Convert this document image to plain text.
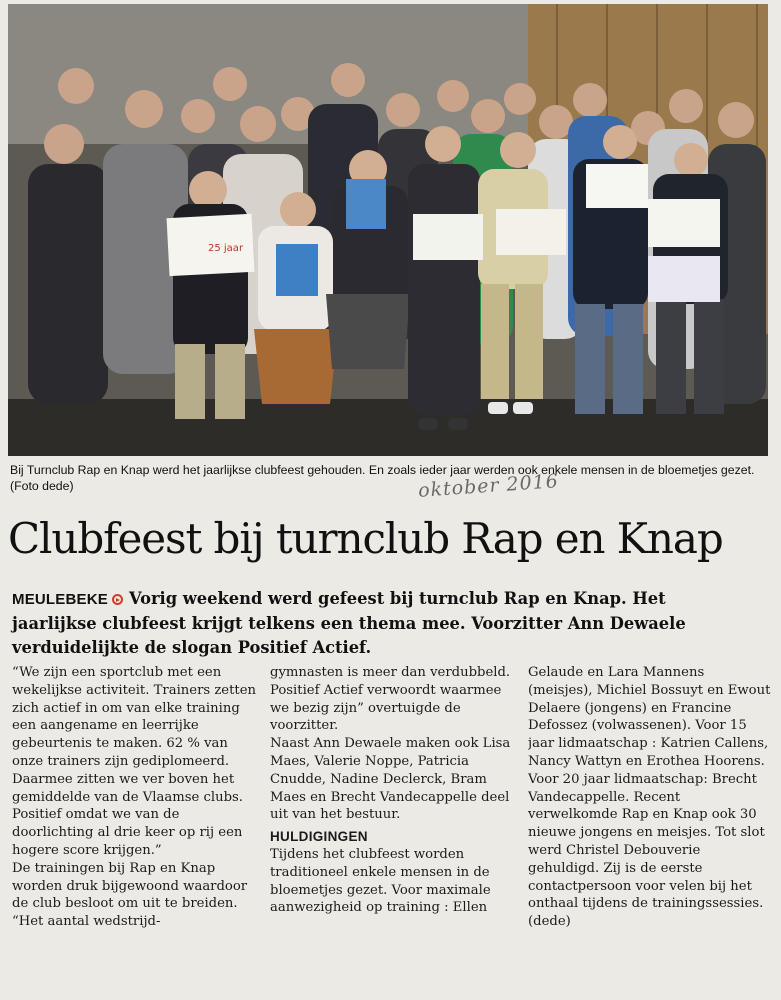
25 jaar
Bij Turnclub Rap en Knap werd het jaarlijkse clubfeest gehouden. En zoals ieder jaar werden ook enkele mensen in de bloemetjes gezet. (Foto dede)	oktober 2016
Clubfeest bij turnclub Rap en Knap
MEULEBEKE Vorig weekend werd gefeest bij turnclub Rap en Knap. Het jaarlijkse clubfeest krijgt telkens een thema mee. Voorzitter Ann Dewaele verduidelijkte de slogan Positief Actief.

“We zijn een sportclub met een wekelijkse activiteit. Trainers zetten zich actief in om van elke training een aangename en leerrijke gebeurtenis te maken. 62 % van onze trainers zijn gediplomeerd. Daarmee zitten we ver boven het gemiddelde van de Vlaamse clubs. Positief omdat we van de doorlichting al drie keer op rij een hogere score krijgen.”

De trainingen bij Rap en Knap worden druk bijgewoond waardoor de club besloot om uit te breiden. “Het aantal wedstrijd-

gymnasten is meer dan verdubbeld. Positief Actief verwoordt waarmee we bezig zijn” overtuigde de voorzitter.

Naast Ann Dewaele maken ook Lisa Maes, Valerie Noppe, Patricia Cnudde, Nadine Declerck, Bram Maes en Brecht Vandecappelle deel uit van het bestuur.

HULDIGINGEN

Tijdens het clubfeest worden traditioneel enkele mensen in de bloemetjes gezet. Voor maximale aanwezigheid op training : Ellen

Gelaude en Lara Mannens (meisjes), Michiel Bossuyt en Ewout Delaere (jongens) en Francine Defossez (volwassenen). Voor 15 jaar lidmaatschap : Katrien Callens, Nancy Wattyn en Erothea Hoorens. Voor 20 jaar lidmaatschap: Brecht Vandecappelle. Recent verwelkomde Rap en Knap ook 30 nieuwe jongens en meisjes. Tot slot werd Christel Debouverie gehuldigd. Zij is de eerste contactpersoon voor velen bij het onthaal tijdens de trainingssessies. (dede)
